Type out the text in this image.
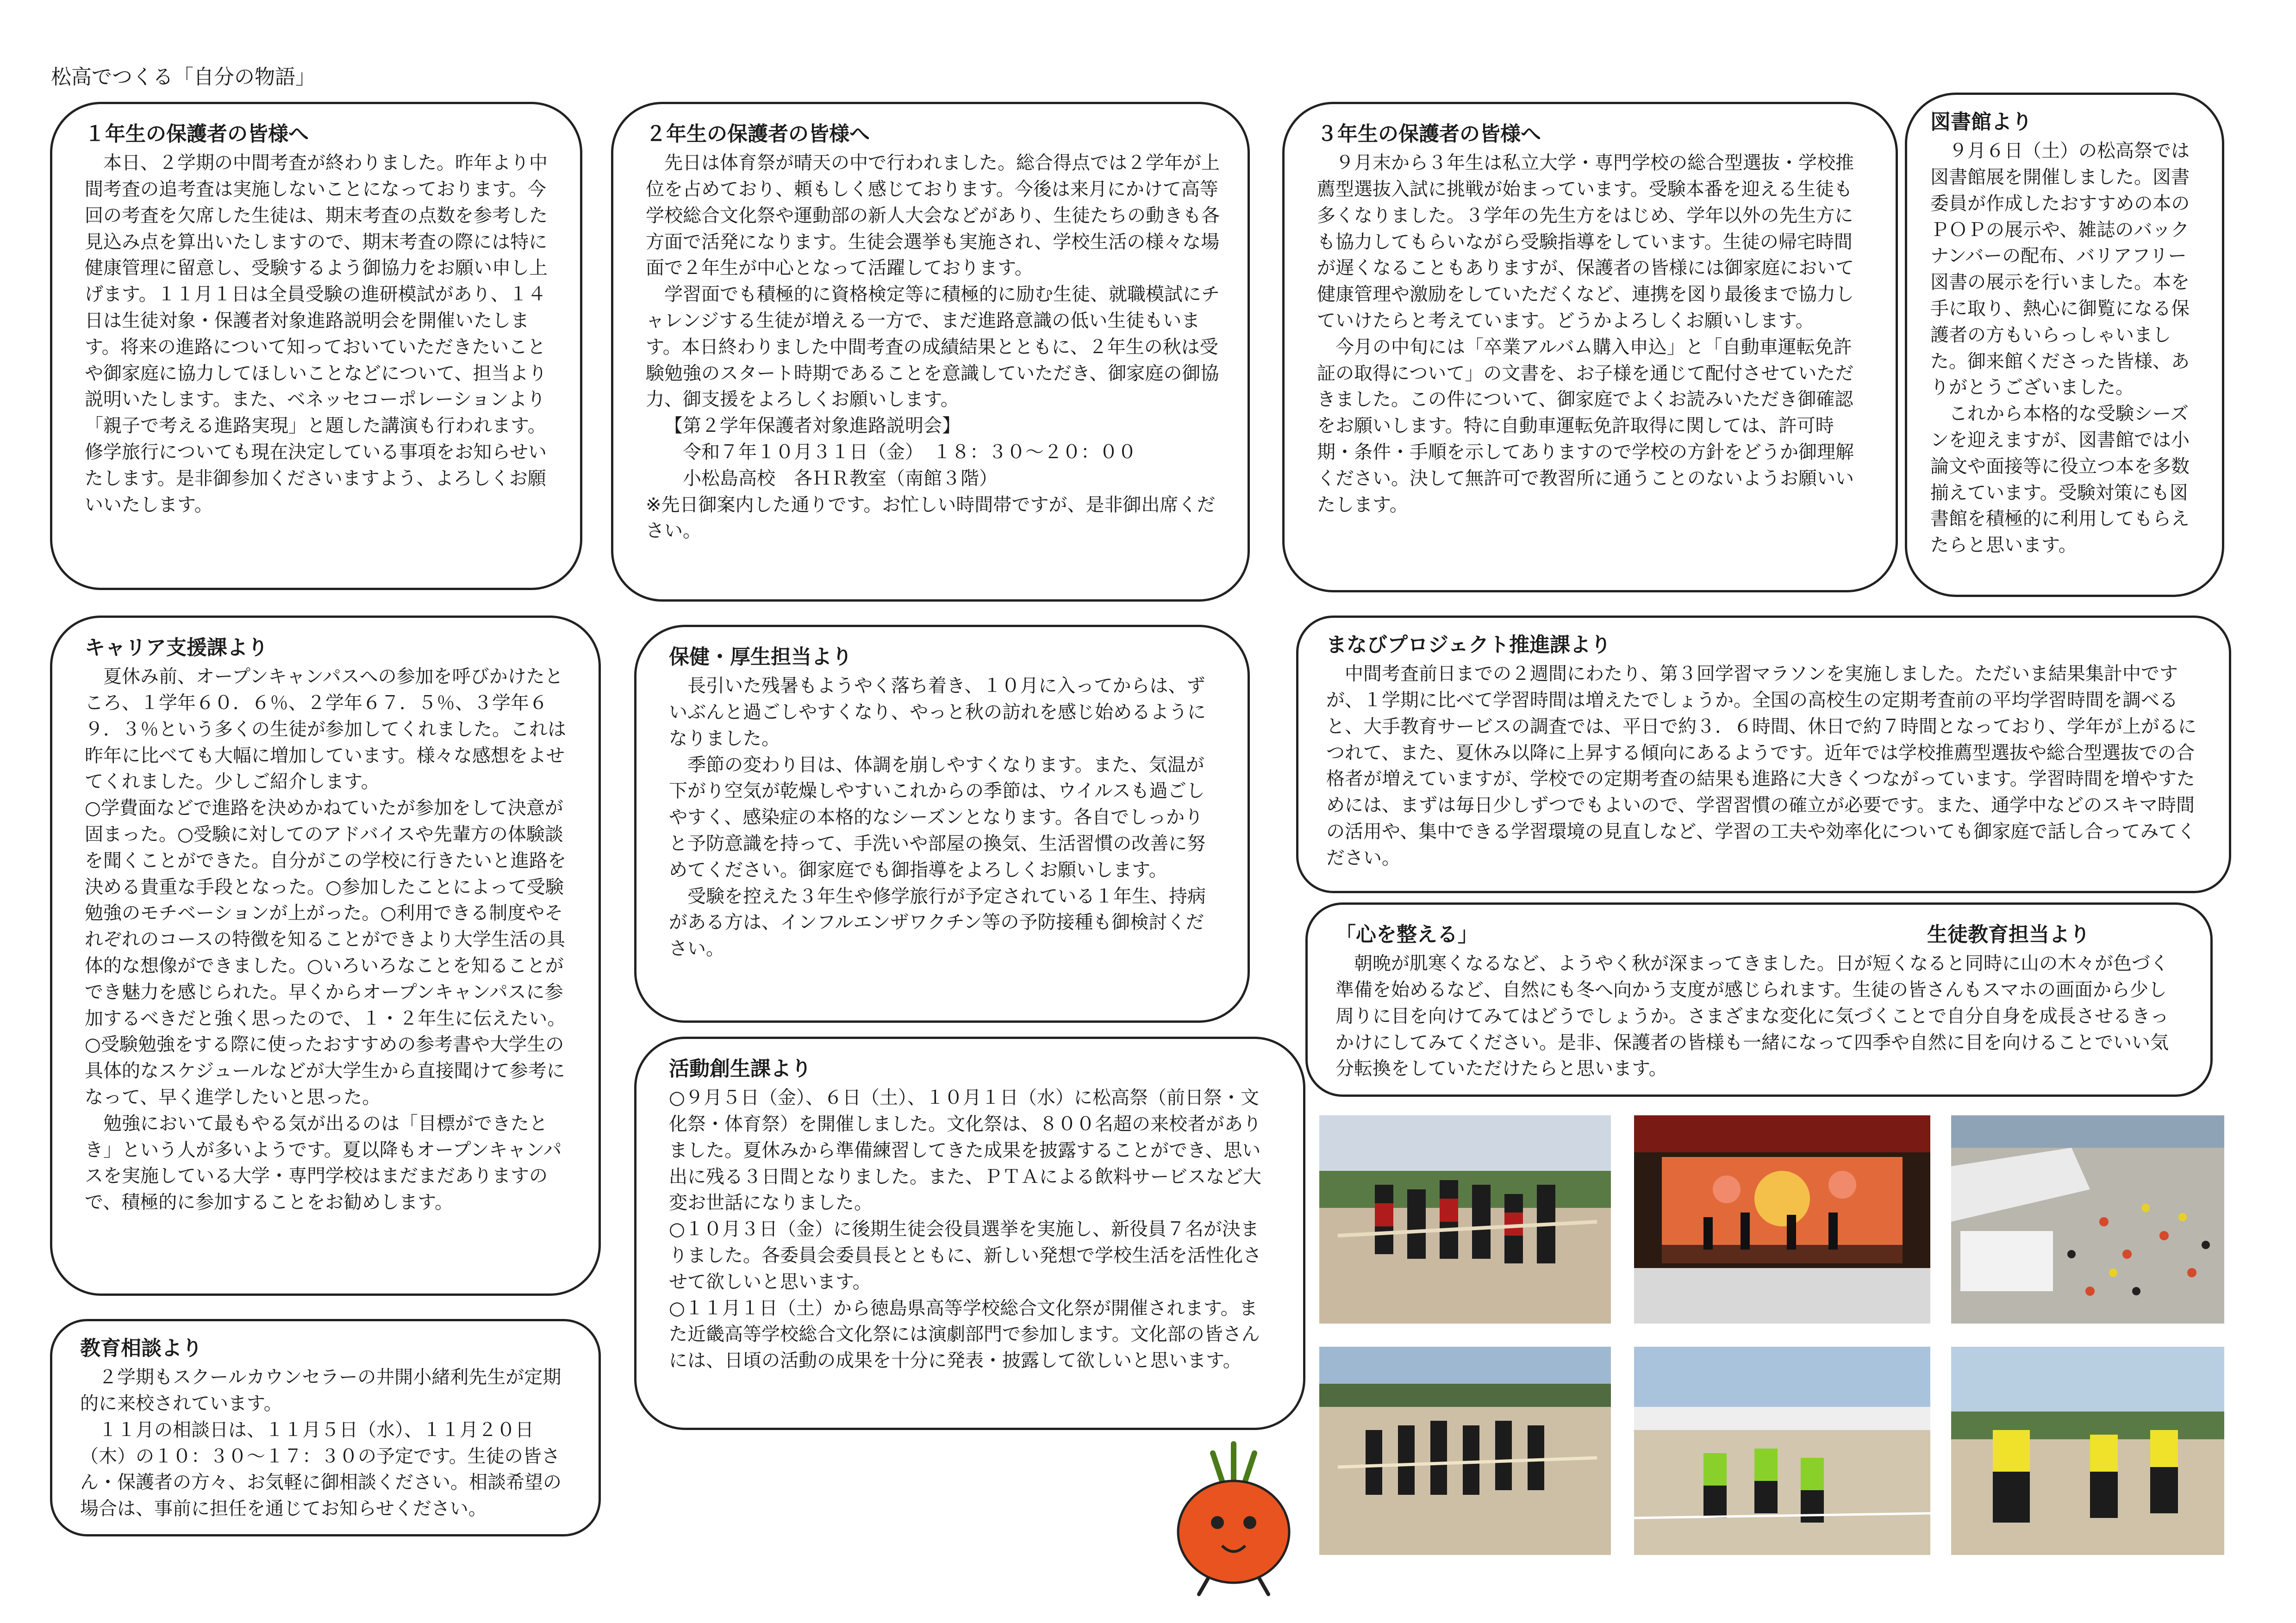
松高でつくる「自分の物語」
１年生の保護者の皆様へ

本日、２学期の中間考査が終わりました。昨年より中間考査の追考査は実施しないことになっております。今回の考査を欠席した生徒は、期末考査の点数を参考した見込み点を算出いたしますので、期末考査の際には特に健康管理に留意し、受験するよう御協力をお願い申し上げます。１１月１日は全員受験の進研模試があり、１４日は生徒対象・保護者対象進路説明会を開催いたします。将来の進路について知っておいていただきたいことや御家庭に協力してほしいことなどについて、担当より説明いたします。また、ベネッセコーポレーションより「親子で考える進路実現」と題した講演も行われます。修学旅行についても現在決定している事項をお知らせいたします。是非御参加くださいますよう、よろしくお願いいたします。

２年生の保護者の皆様へ

先日は体育祭が晴天の中で行われました。総合得点では２学年が上位を占めており、頼もしく感じております。今後は来月にかけて高等学校総合文化祭や運動部の新人大会などがあり、生徒たちの動きも各方面で活発になります。生徒会選挙も実施され、学校生活の様々な場面で２年生が中心となって活躍しております。

学習面でも積極的に資格検定等に積極的に励む生徒、就職模試にチャレンジする生徒が増える一方で、まだ進路意識の低い生徒もいます。本日終わりました中間考査の成績結果とともに、２年生の秋は受験勉強のスタート時期であることを意識していただき、御家庭の御協力、御支援をよろしくお願いします。

【第２学年保護者対象進路説明会】
令和７年１０月３１日（金）　１８：３０～２０：００
小松島高校　各ＨＲ教室（南館３階）

※先日御案内した通りです。お忙しい時間帯ですが、是非御出席ください。

３年生の保護者の皆様へ

９月末から３年生は私立大学・専門学校の総合型選抜・学校推薦型選抜入試に挑戦が始まっています。受験本番を迎える生徒も多くなりました。３学年の先生方をはじめ、学年以外の先生方にも協力してもらいながら受験指導をしています。生徒の帰宅時間が遅くなることもありますが、保護者の皆様には御家庭において健康管理や激励をしていただくなど、連携を図り最後まで協力していけたらと考えています。どうかよろしくお願いします。

今月の中旬には「卒業アルバム購入申込」と「自動車運転免許証の取得について」の文書を、お子様を通じて配付させていただきました。この件について、御家庭でよくお読みいただき御確認をお願いします。特に自動車運転免許取得に関しては、許可時期・条件・手順を示してありますので学校の方針をどうか御理解ください。決して無許可で教習所に通うことのないようお願いいたします。

図書館より

９月６日（土）の松高祭では図書館展を開催しました。図書委員が作成したおすすめの本のＰＯＰの展示や、雑誌のバックナンバーの配布、バリアフリー図書の展示を行いました。本を手に取り、熱心に御覧になる保護者の方もいらっしゃいました。御来館くださった皆様、ありがとうございました。

これから本格的な受験シーズンを迎えますが、図書館では小論文や面接等に役立つ本を多数揃えています。受験対策にも図書館を積極的に利用してもらえたらと思います。

キャリア支援課より

夏休み前、オープンキャンパスへの参加を呼びかけたところ、１学年６０．６％、２学年６７．５％、３学年６９．３％という多くの生徒が参加してくれました。これは昨年に比べても大幅に増加しています。様々な感想をよせてくれました。少しご紹介します。

○学費面などで進路を決めかねていたが参加をして決意が固まった。○受験に対してのアドバイスや先輩方の体験談を聞くことができた。自分がこの学校に行きたいと進路を決める貴重な手段となった。○参加したことによって受験勉強のモチベーションが上がった。○利用できる制度やそれぞれのコースの特徴を知ることができより大学生活の具体的な想像ができました。○いろいろなことを知ることができ魅力を感じられた。早くからオープンキャンパスに参加するべきだと強く思ったので、１・２年生に伝えたい。○受験勉強をする際に使ったおすすめの参考書や大学生の具体的なスケジュールなどが大学生から直接聞けて参考になって、早く進学したいと思った。

勉強において最もやる気が出るのは「目標ができたとき」という人が多いようです。夏以降もオープンキャンパスを実施している大学・専門学校はまだまだありますので、積極的に参加することをお勧めします。

保健・厚生担当より

長引いた残暑もようやく落ち着き、１０月に入ってからは、ずいぶんと過ごしやすくなり、やっと秋の訪れを感じ始めるようになりました。

季節の変わり目は、体調を崩しやすくなります。また、気温が下がり空気が乾燥しやすいこれからの季節は、ウイルスも過ごしやすく、感染症の本格的なシーズンとなります。各自でしっかりと予防意識を持って、手洗いや部屋の換気、生活習慣の改善に努めてください。御家庭でも御指導をよろしくお願いします。

受験を控えた３年生や修学旅行が予定されている１年生、持病がある方は、インフルエンザワクチン等の予防接種も御検討ください。

活動創生課より

○９月５日（金）、６日（土）、１０月１日（水）に松高祭（前日祭・文化祭・体育祭）を開催しました。文化祭は、８００名超の来校者がありました。夏休みから準備練習してきた成果を披露することができ、思い出に残る３日間となりました。また、ＰＴＡによる飲料サービスなど大変お世話になりました。

○１０月３日（金）に後期生徒会役員選挙を実施し、新役員７名が決まりました。各委員会委員長とともに、新しい発想で学校生活を活性化させて欲しいと思います。

○１１月１日（土）から徳島県高等学校総合文化祭が開催されます。また近畿高等学校総合文化祭には演劇部門で参加します。文化部の皆さんには、日頃の活動の成果を十分に発表・披露して欲しいと思います。

まなびプロジェクト推進課より

中間考査前日までの２週間にわたり、第３回学習マラソンを実施しました。ただいま結果集計中ですが、１学期に比べて学習時間は増えたでしょうか。全国の高校生の定期考査前の平均学習時間を調べると、大手教育サービスの調査では、平日で約３．６時間、休日で約７時間となっており、学年が上がるにつれて、また、夏休み以降に上昇する傾向にあるようです。近年では学校推薦型選抜や総合型選抜での合格者が増えていますが、学校での定期考査の結果も進路に大きくつながっています。学習時間を増やすためには、まずは毎日少しずつでもよいので、学習習慣の確立が必要です。また、通学中などのスキマ時間の活用や、集中できる学習環境の見直しなど、学習の工夫や効率化についても御家庭で話し合ってみてください。

「心を整える」	生徒教育担当より

朝晩が肌寒くなるなど、ようやく秋が深まってきました。日が短くなると同時に山の木々が色づく準備を始めるなど、自然にも冬へ向かう支度が感じられます。生徒の皆さんもスマホの画面から少し周りに目を向けてみてはどうでしょうか。さまざまな変化に気づくことで自分自身を成長させるきっかけにしてみてください。是非、保護者の皆様も一緒になって四季や自然に目を向けることでいい気分転換をしていただけたらと思います。

教育相談より

２学期もスクールカウンセラーの井開小緒利先生が定期的に来校されています。

１１月の相談日は、１１月５日（水）、１１月２０日（木）の１０：３０～１７：３０の予定です。生徒の皆さん・保護者の方々、お気軽に御相談ください。相談希望の場合は、事前に担任を通じてお知らせください。
